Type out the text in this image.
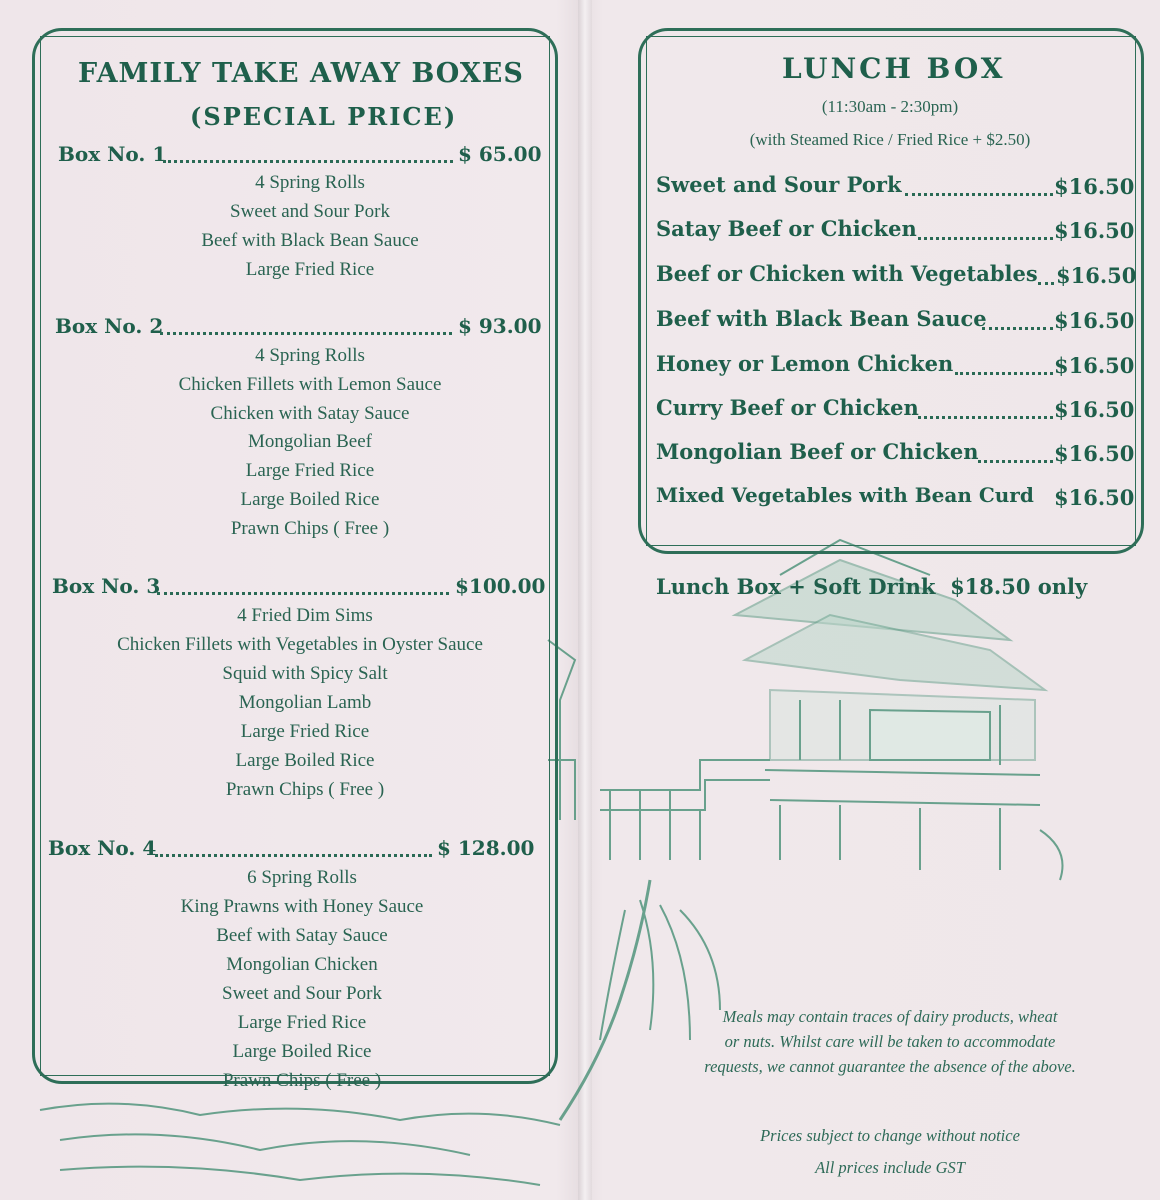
FAMILY TAKE AWAY BOXES
(SPECIAL PRICE)
Box No. 1	$ 65.00
4 Spring Rolls
Sweet and Sour Pork
Beef with Black Bean Sauce
Large Fried Rice
Box No. 2	$ 93.00
4 Spring Rolls
Chicken Fillets with Lemon Sauce
Chicken with Satay Sauce
Mongolian Beef
Large Fried Rice
Large Boiled Rice
Prawn Chips ( Free )
Box No. 3	$100.00
4 Fried Dim Sims
Chicken Fillets with Vegetables in Oyster Sauce
Squid with Spicy Salt
Mongolian Lamb
Large Fried Rice
Large Boiled Rice
Prawn Chips ( Free )
Box No. 4	$ 128.00
6 Spring Rolls
King Prawns with Honey Sauce
Beef with Satay Sauce
Mongolian Chicken
Sweet and Sour Pork
Large Fried Rice
Large Boiled Rice
Prawn Chips ( Free )
LUNCH BOX
(11:30am - 2:30pm)
(with Steamed Rice / Fried Rice + $2.50)
Sweet and Sour Pork	$16.50
Satay Beef or Chicken	$16.50
Beef or Chicken with Vegetables $16.50
Beef with Black Bean Sauce	$16.50
Honey or Lemon Chicken	$16.50
Curry Beef or Chicken	$16.50
Mongolian Beef or Chicken	$16.50
Mixed Vegetables with Bean Curd $16.50
Lunch Box + Soft Drink  $18.50 only
Meals may contain traces of dairy products, wheat
or nuts. Whilst care will be taken to accommodate
requests, we cannot guarantee the absence of the above.
Prices subject to change without notice
All prices include GST
